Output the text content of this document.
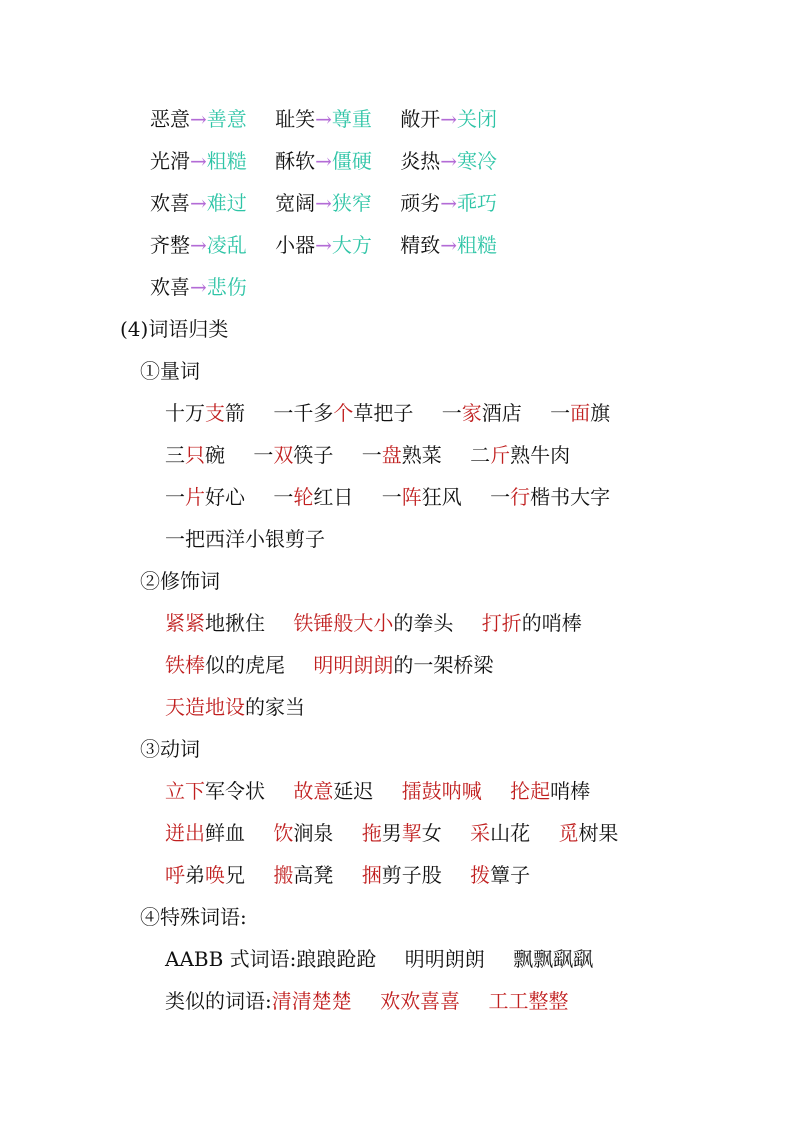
恶意→善意 耻笑→尊重 敞开→关闭
光滑→粗糙 酥软→僵硬 炎热→寒冷
欢喜→难过 宽阔→狭窄 顽劣→乖巧
齐整→凌乱 小器→大方 精致→粗糙
欢喜→悲伤
(4)词语归类
①量词
十万支箭 一千多个草把子 一家酒店 一面旗
三只碗 一双筷子 一盘熟菜 二斤熟牛肉
一片好心 一轮红日 一阵狂风 一行楷书大字
一把西洋小银剪子
②修饰词
紧紧地揪住 铁锤般大小的拳头 打折的哨棒
铁棒似的虎尾 明明朗朗的一架桥梁
天造地设的家当
③动词
立下军令状 故意延迟 擂鼓呐喊 抡起哨棒
迸出鲜血 饮涧泉 拖男挈女 采山花 觅树果
呼弟唤兄 搬高凳 捆剪子股 拨簟子
④特殊词语:
AABB 式词语:踉踉跄跄 明明朗朗 飘飘飖飖
类似的词语:清清楚楚 欢欢喜喜 工工整整
